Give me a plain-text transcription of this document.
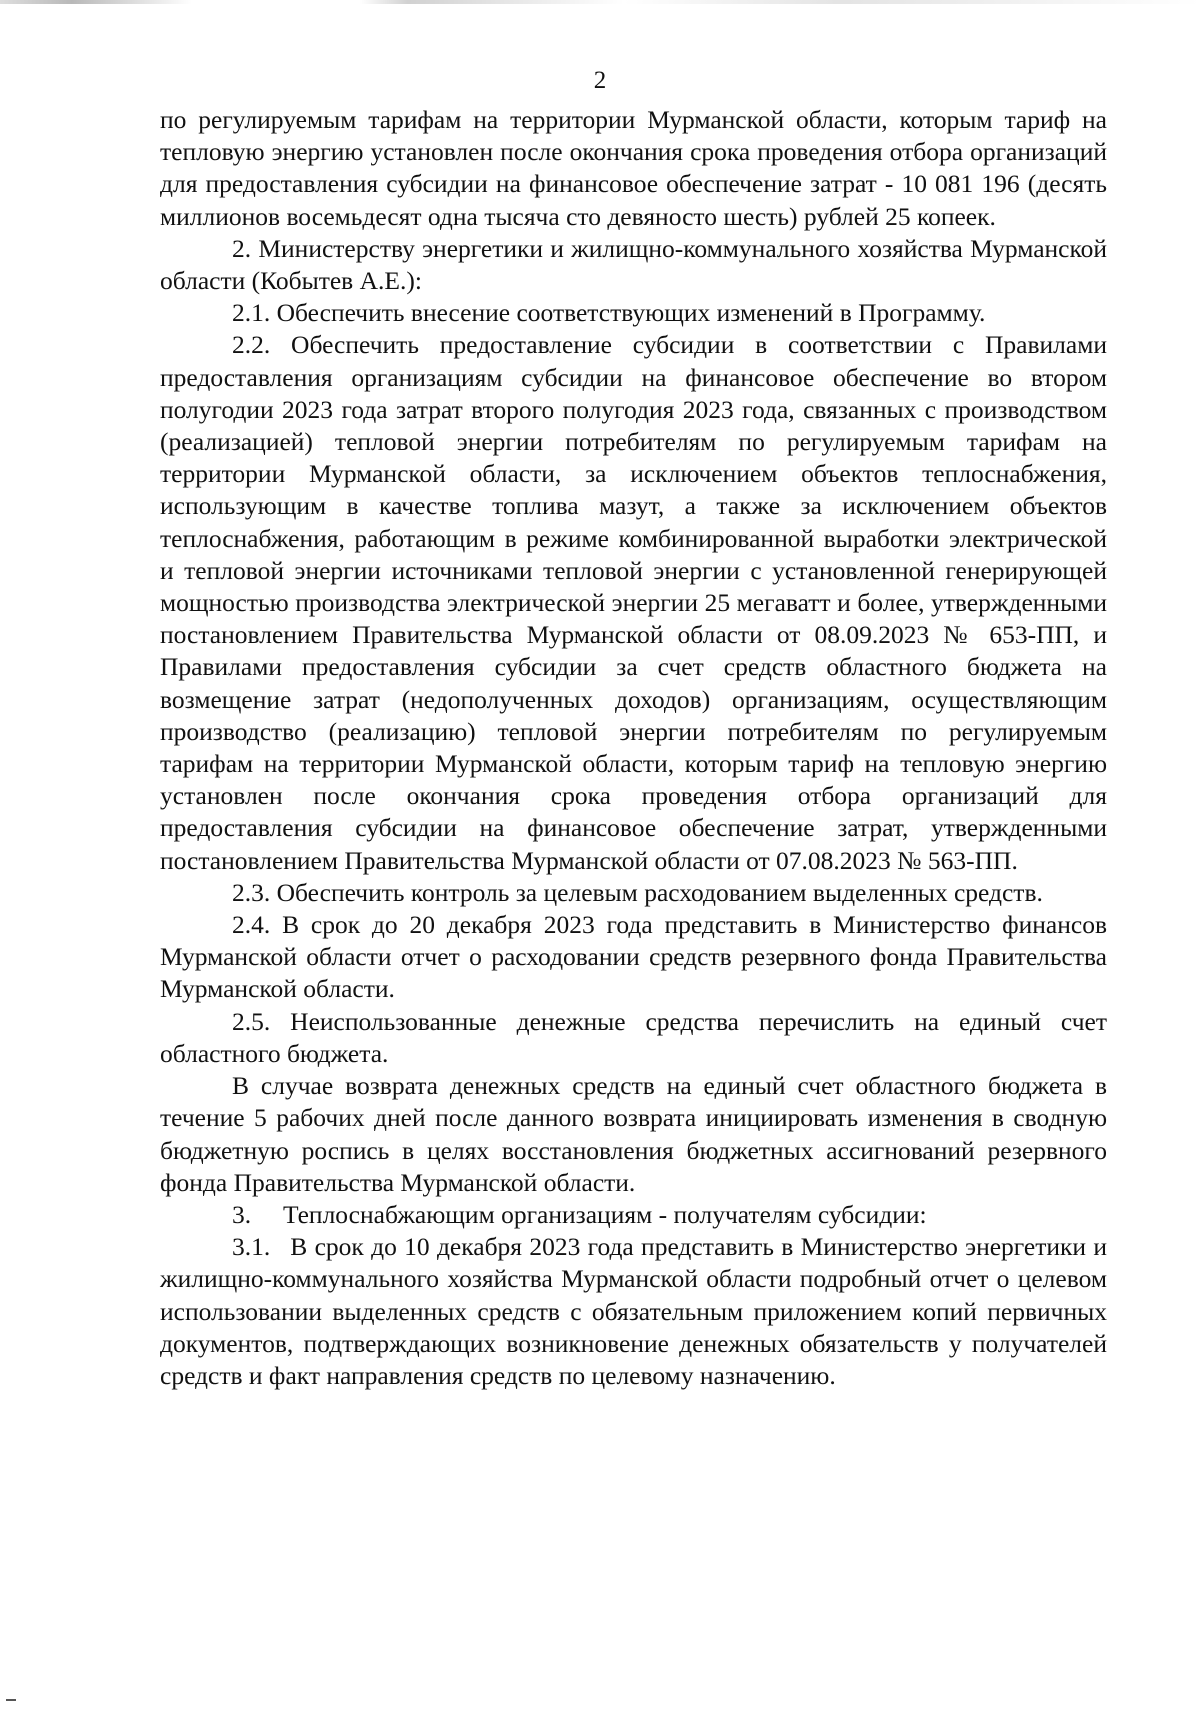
2

по регулируемым тарифам на территории Мурманской области, которым тариф на тепловую энергию установлен после окончания срока проведения отбора организаций для предоставления субсидии на финансовое обеспечение затрат - 10 081 196 (десять миллионов восемьдесят одна тысяча сто девяносто шесть) рублей 25 копеек.

2. Министерству энергетики и жилищно-коммунального хозяйства Мурманской области (Кобытев А.Е.):

2.1. Обеспечить внесение соответствующих изменений в Программу.

2.2. Обеспечить предоставление субсидии в соответствии с Правилами предоставления организациям субсидии на финансовое обеспечение во втором полугодии 2023 года затрат второго полугодия 2023 года, связанных с производством (реализацией) тепловой энергии потребителям по регулируемым тарифам на территории Мурманской области, за исключением объектов теплоснабжения, использующим в качестве топлива мазут, а также за исключением объектов теплоснабжения, работающим в режиме комбинированной выработки электрической и тепловой энергии источниками тепловой энергии с установленной генерирующей мощностью производства электрической энергии 25 мегаватт и более, утвержденными постановлением Правительства Мурманской области от 08.09.2023 № 653-ПП, и Правилами предоставления субсидии за счет средств областного бюджета на возмещение затрат (недополученных доходов) организациям, осуществляющим производство (реализацию) тепловой энергии потребителям по регулируемым тарифам на территории Мурманской области, которым тариф на тепловую энергию установлен после окончания срока проведения отбора организаций для предоставления субсидии на финансовое обеспечение затрат, утвержденными постановлением Правительства Мурманской области от 07.08.2023 № 563-ПП.

2.3. Обеспечить контроль за целевым расходованием выделенных средств.

2.4. В срок до 20 декабря 2023 года представить в Министерство финансов Мурманской области отчет о расходовании средств резервного фонда Правительства Мурманской области.

2.5. Неиспользованные денежные средства перечислить на единый счет областного бюджета.

В случае возврата денежных средств на единый счет областного бюджета в течение 5 рабочих дней после данного возврата инициировать изменения в сводную бюджетную роспись в целях восстановления бюджетных ассигнований резервного фонда Правительства Мурманской области.

3.  Теплоснабжающим организациям - получателям субсидии:

3.1.  В срок до 10 декабря 2023 года представить в Министерство энергетики и жилищно-коммунального хозяйства Мурманской области подробный отчет о целевом использовании выделенных средств с обязательным приложением копий первичных документов, подтверждающих возникновение денежных обязательств у получателей средств и факт направления средств по целевому назначению.
